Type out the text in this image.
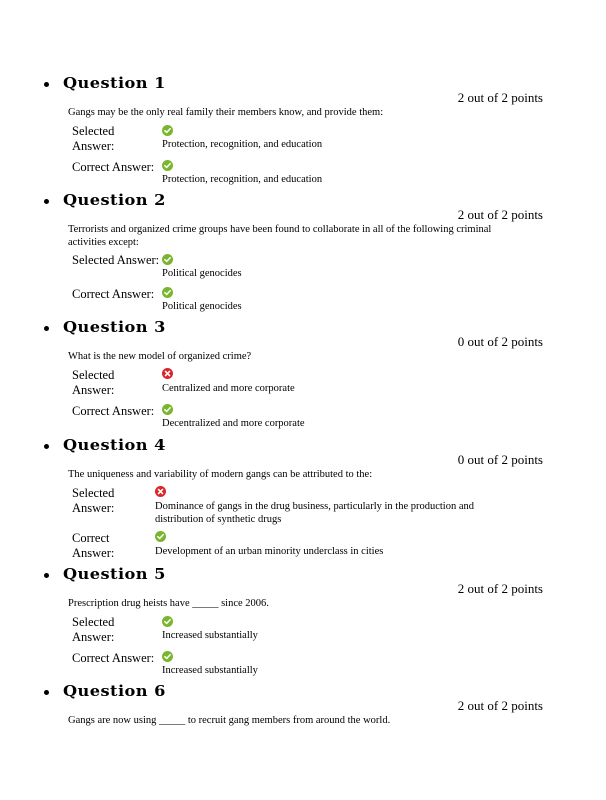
Question 1
2 out of 2 points
Gangs may be the only real family their members know, and provide them:
Selected Answer:	Protection, recognition, and education
Correct Answer:
Protection, recognition, and education
Question 2
2 out of 2 points
Terrorists and organized crime groups have been found to collaborate in all of the following criminal activities except:
Selected Answer:
Political genocides
Correct Answer:
Political genocides
Question 3
0 out of 2 points
What is the new model of organized crime?
Selected Answer:	Centralized and more corporate
Correct Answer:
Decentralized and more corporate
Question 4
0 out of 2 points
The uniqueness and variability of modern gangs can be attributed to the:
Selected Answer:	Dominance of gangs in the drug business, particularly in the production and distribution of synthetic drugs
Correct Answer:	Development of an urban minority underclass in cities
Question 5
2 out of 2 points
Prescription drug heists have _____ since 2006.
Selected Answer:	Increased substantially
Correct Answer:
Increased substantially
Question 6
2 out of 2 points
Gangs are now using _____ to recruit gang members from around the world.
